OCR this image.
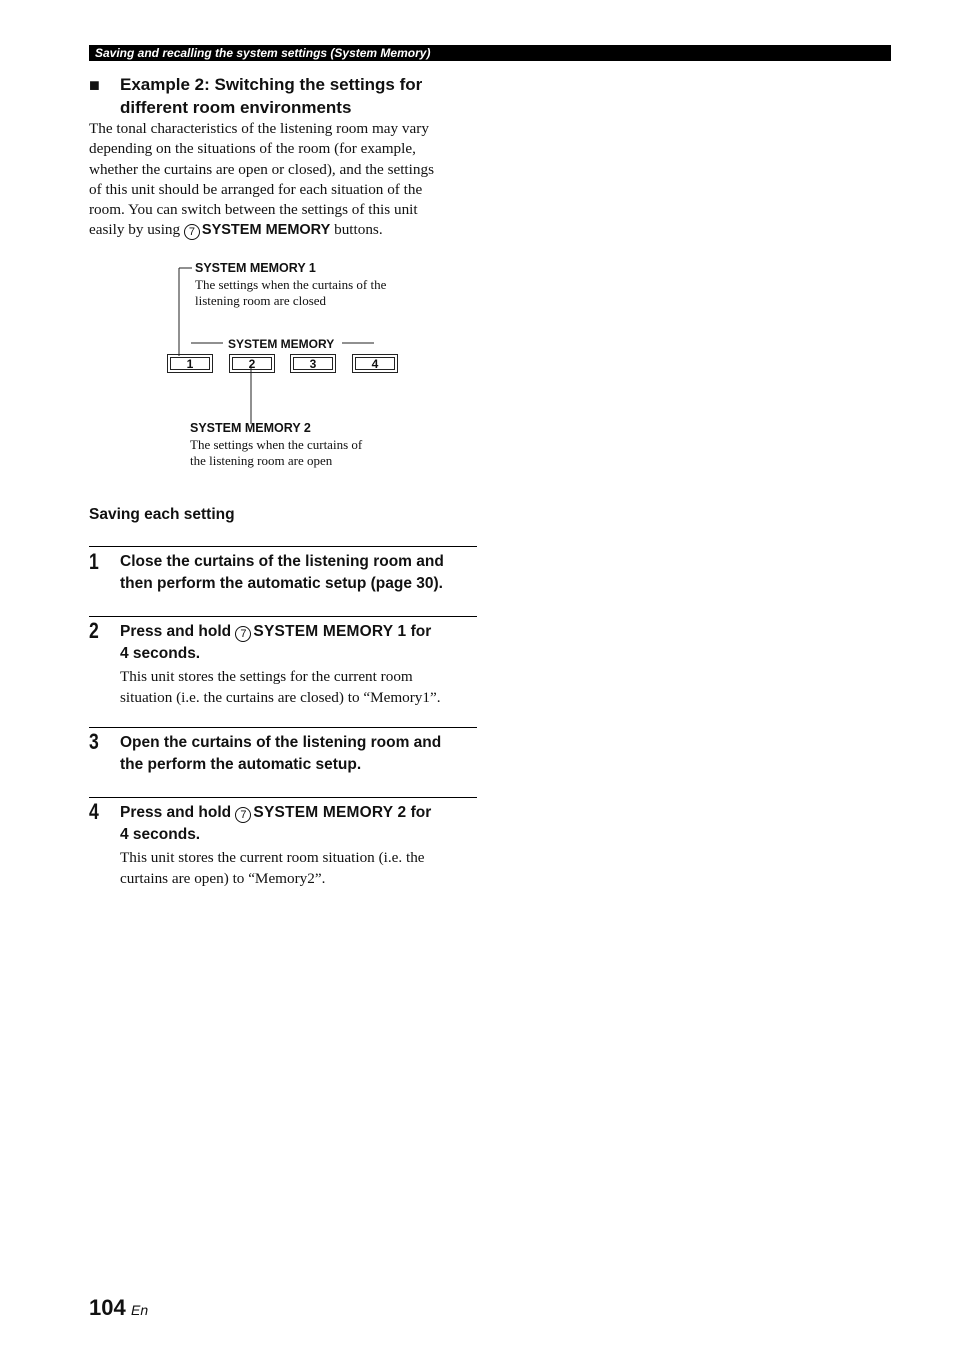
Saving and recalling the system settings (System Memory)
■ Example 2: Switching the settings for
different room environments
The tonal characteristics of the listening room may vary
depending on the situations of the room (for example,
whether the curtains are open or closed), and the settings
of this unit should be arranged for each situation of the
room. You can switch between the settings of this unit
easily by using 7 SYSTEM MEMORY buttons.
SYSTEM MEMORY 1
The settings when the curtains of the
listening room are closed
SYSTEM MEMORY
1	2	3	4
SYSTEM MEMORY 2
The settings when the curtains of
the listening room are open
Saving each setting
1 Close the curtains of the listening room and
then perform the automatic setup (page 30).
2 Press and hold 7 SYSTEM MEMORY 1 for
4 seconds.
This unit stores the settings for the current room
situation (i.e. the curtains are closed) to “Memory1”.
3 Open the curtains of the listening room and
the perform the automatic setup.
4 Press and hold 7 SYSTEM MEMORY 2 for
4 seconds.
This unit stores the current room situation (i.e. the
curtains are open) to “Memory2”.
104 En
